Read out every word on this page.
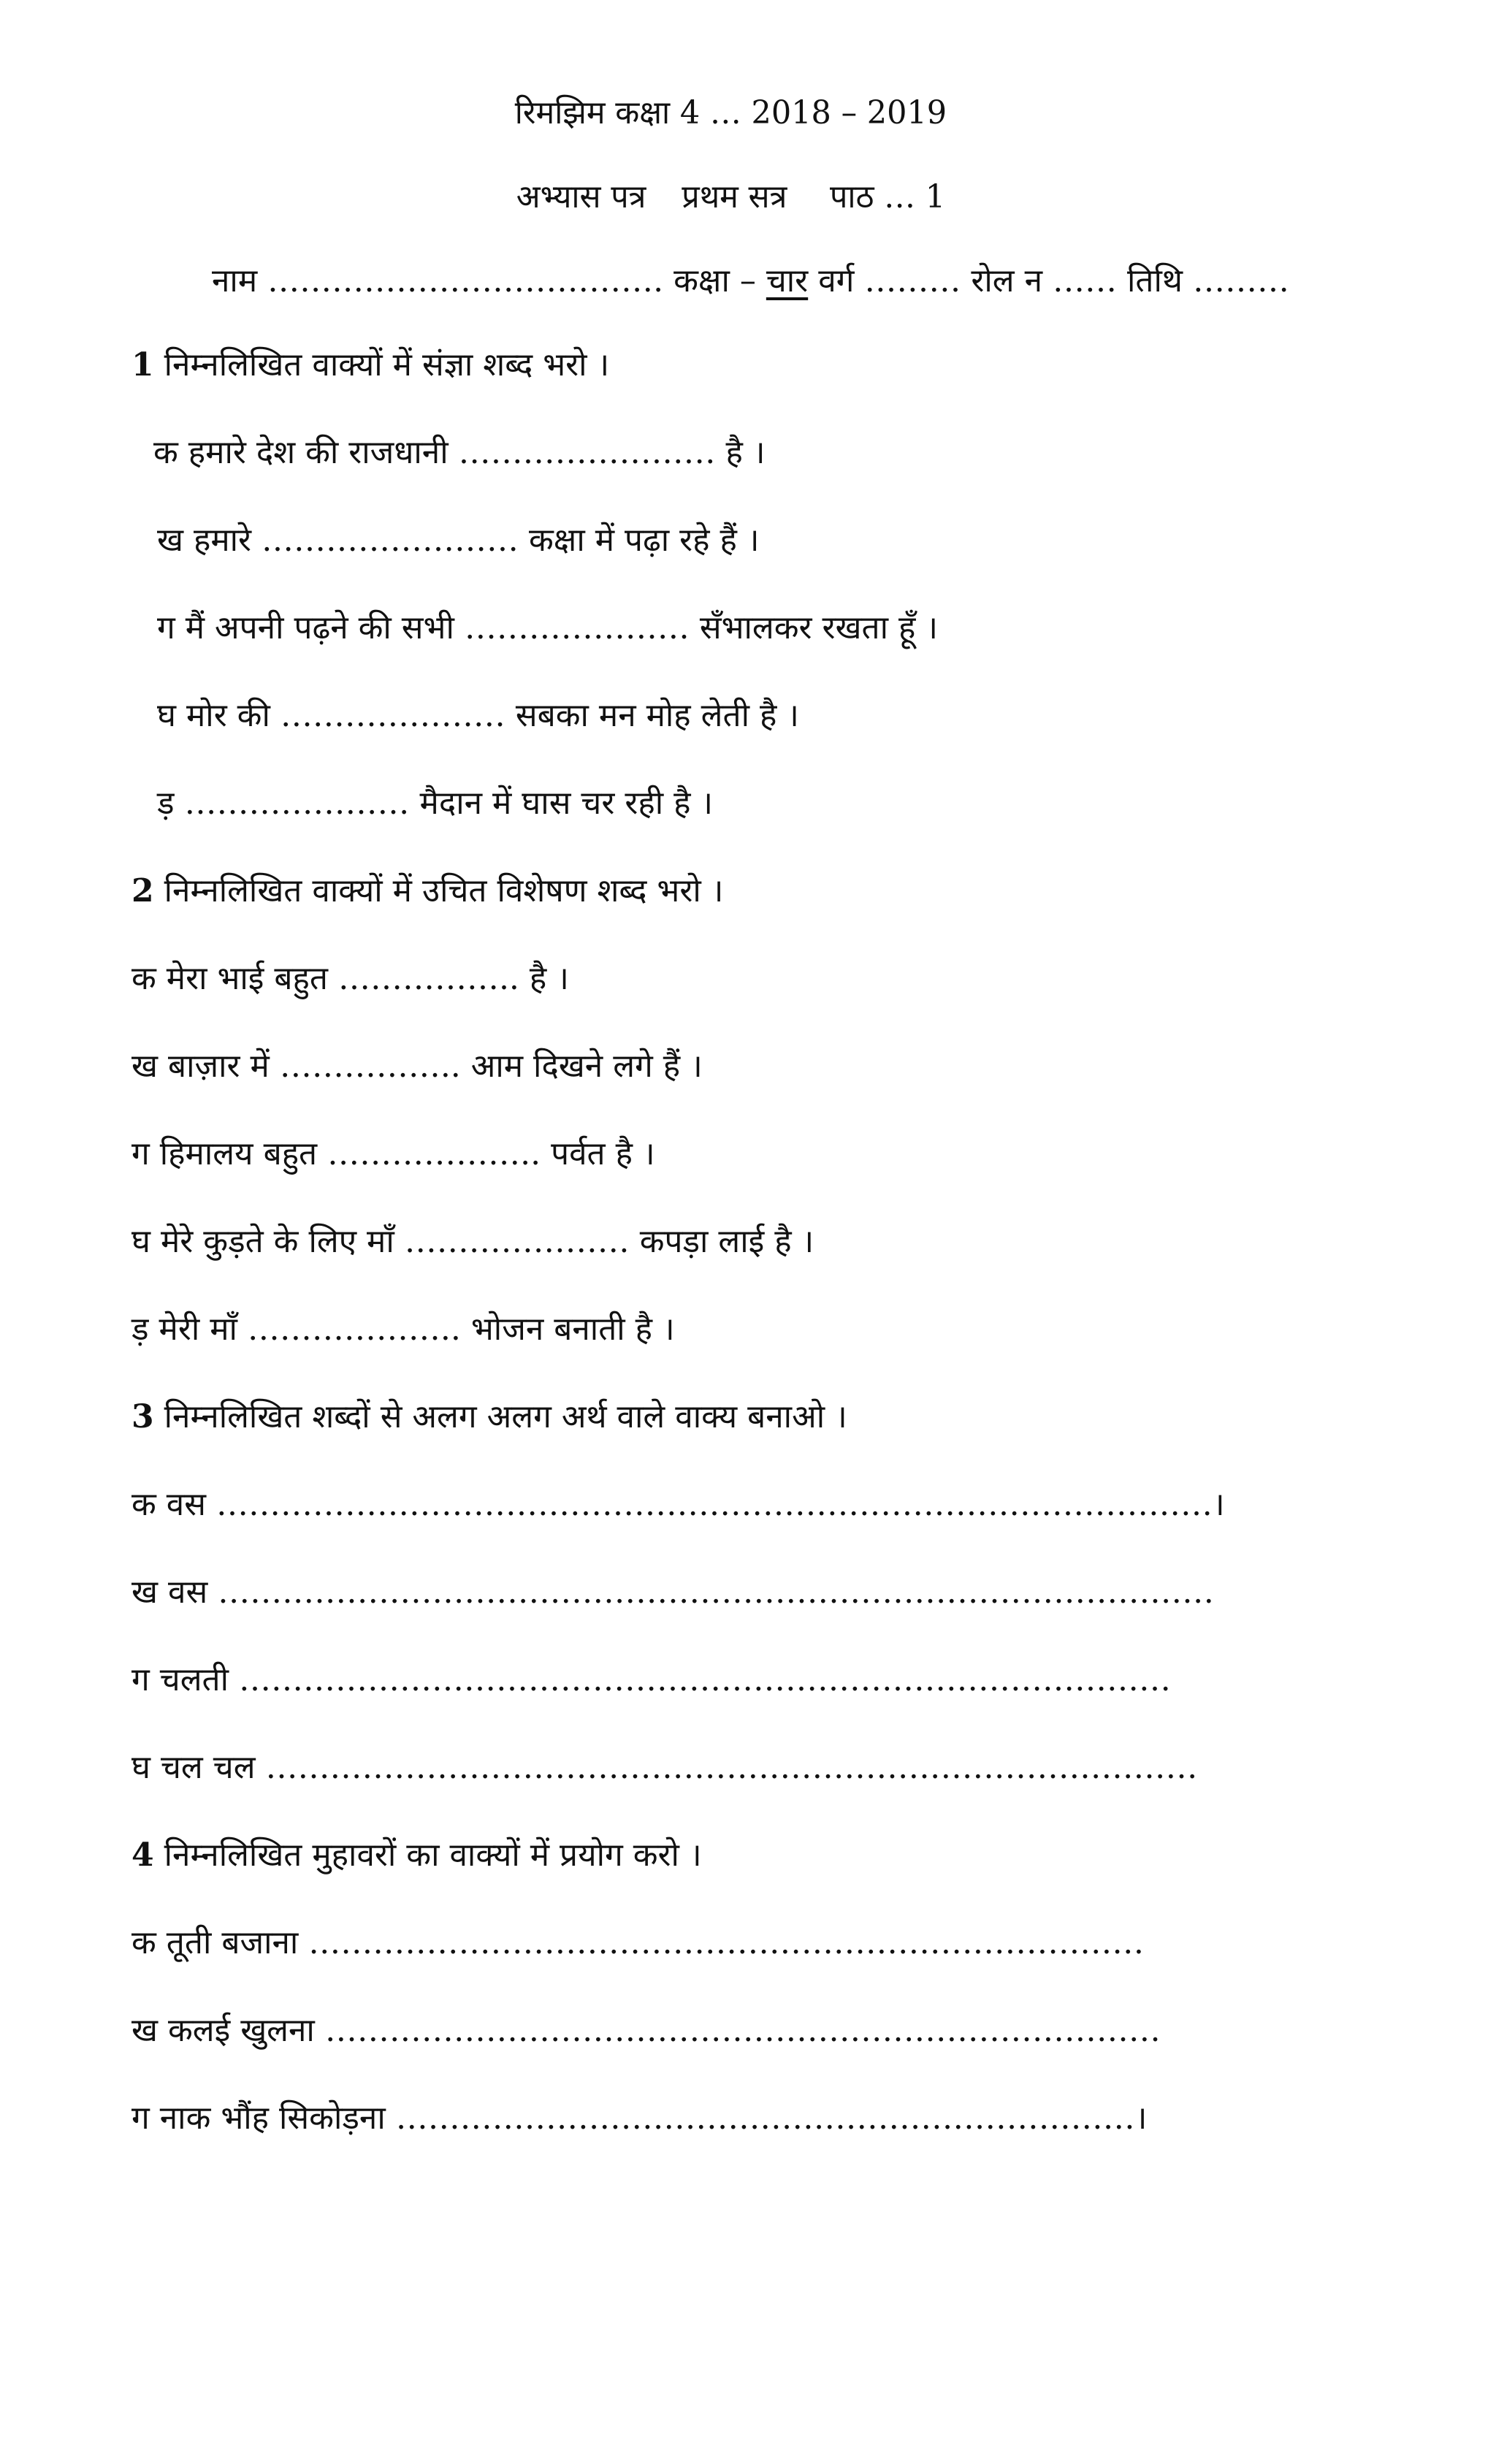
रिमझिम कक्षा 4 … 2018 – 2019
अभ्यास पत्र प्रथम सत्र पाठ … 1
नाम ………………………………. कक्षा – चार वर्ग ……… रोल न …… तिथि ………
1 निम्नलिखित वाक्यों में संज्ञा शब्द भरो ।
क हमारे देश की राजधानी …………………… है ।
ख हमारे …………………… कक्षा में पढ़ा रहे हैं ।
ग मैं अपनी पढ़ने की सभी ………………… सँभालकर रखता हूँ ।
घ मोर की ………………… सबका मन मोह लेती है ।
ड़ ………………… मैदान में घास चर रही है ।
2 निम्नलिखित वाक्यों में उचित विशेषण शब्द भरो ।
क मेरा भाई बहुत …………….. है ।
ख बाज़ार में …………….. आम दिखने लगे हैं ।
ग हिमालय बहुत ……………….. पर्वत है ।
घ मेरे कुड़ते के लिए माँ ………………… कपड़ा लाई है ।
ड़ मेरी माँ ……………….. भोजन बनाती है ।
3 निम्नलिखित शब्दों से अलग अलग अर्थ वाले वाक्य बनाओ ।
क वस …………………………………………………………………………………।
ख वस …………………………………………………………………………………
ग चलती ……………………………………………………………………………
घ चल चल ……………………………………………………………………………
4 निम्नलिखित मुहावरों का वाक्यों में प्रयोग करो ।
क तूती बजाना ……………………………………………………………………
ख कलई खुलना ……………………………………………………………………
ग नाक भौंह सिकोड़ना ……………………………………………………………।
